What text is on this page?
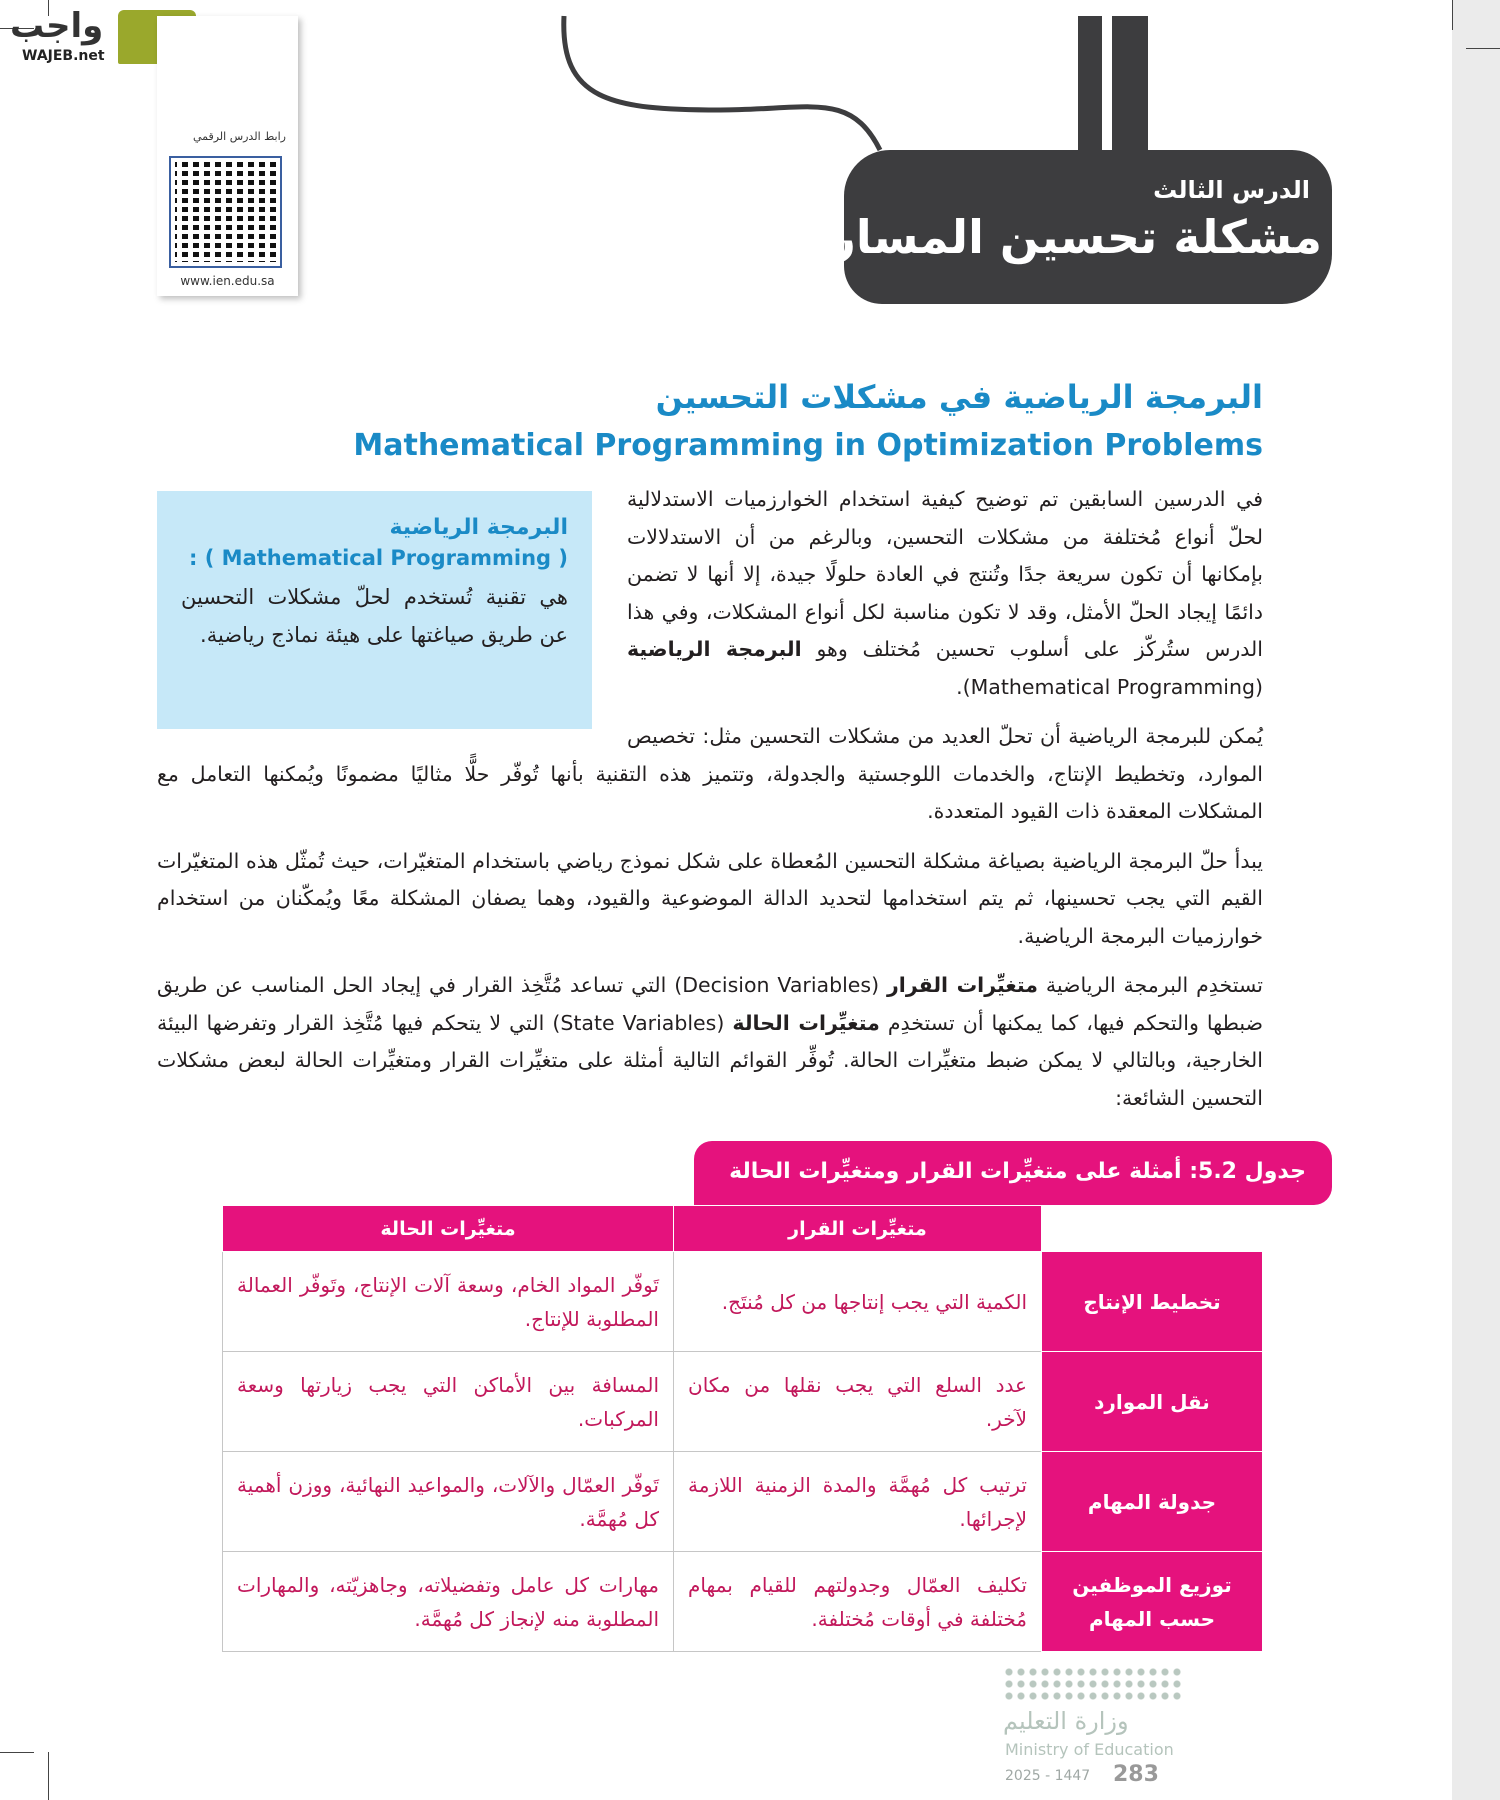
واجب
WAJEB.net
رابط الدرس الرقمي
www.ien.edu.sa
الدرس الثالث
مشكلة تحسين المسار
البرمجة الرياضية في مشكلات التحسين
Mathematical Programming in Optimization Problems
البرمجة الرياضية
( Mathematical Programming ) :
هي تقنية تُستخدم لحلّ مشكلات التحسين عن طريق صياغتها على هيئة نماذج رياضية.
في الدرسين السابقين تم توضيح كيفية استخدام الخوارزميات الاستدلالية لحلّ أنواع مُختلفة من مشكلات التحسين، وبالرغم من أن الاستدلالات بإمكانها أن تكون سريعة جدًا وتُنتج في العادة حلولًا جيدة، إلا أنها لا تضمن دائمًا إيجاد الحلّ الأمثل، وقد لا تكون مناسبة لكل أنواع المشكلات، وفي هذا الدرس ستُركّز على أسلوب تحسين مُختلف وهو البرمجة الرياضية (Mathematical Programming).
يُمكن للبرمجة الرياضية أن تحلّ العديد من مشكلات التحسين مثل: تخصيص الموارد، وتخطيط الإنتاج، والخدمات اللوجستية والجدولة، وتتميز هذه التقنية بأنها تُوفّر حلًّا مثاليًا مضمونًا ويُمكنها التعامل مع المشكلات المعقدة ذات القيود المتعددة.
يبدأ حلّ البرمجة الرياضية بصياغة مشكلة التحسين المُعطاة على شكل نموذج رياضي باستخدام المتغيّرات، حيث تُمثّل هذه المتغيّرات القيم التي يجب تحسينها، ثم يتم استخدامها لتحديد الدالة الموضوعية والقيود، وهما يصفان المشكلة معًا ويُمكّنان من استخدام خوارزميات البرمجة الرياضية.
تستخدِم البرمجة الرياضية متغيِّرات القرار (Decision Variables) التي تساعد مُتَّخِذ القرار في إيجاد الحل المناسب عن طريق ضبطها والتحكم فيها، كما يمكنها أن تستخدِم متغيِّرات الحالة (State Variables) التي لا يتحكم فيها مُتَّخِذ القرار وتفرضها البيئة الخارجية، وبالتالي لا يمكن ضبط متغيِّرات الحالة. تُوفِّر القوائم التالية أمثلة على متغيِّرات القرار ومتغيِّرات الحالة لبعض مشكلات التحسين الشائعة:
جدول 5.2: أمثلة على متغيِّرات القرار ومتغيِّرات الحالة
	متغيِّرات القرار	متغيِّرات الحالة
تخطيط الإنتاج	الكمية التي يجب إنتاجها من كل مُنتَج.	تَوفّر المواد الخام، وسعة آلات الإنتاج، وتَوفّر العمالة المطلوبة للإنتاج.
نقل الموارد	عدد السلع التي يجب نقلها من مكان لآخر.	المسافة بين الأماكن التي يجب زيارتها وسعة المركبات.
جدولة المهام	ترتيب كل مُهمَّة والمدة الزمنية اللازمة لإجرائها.	تَوفّر العمّال والآلات، والمواعيد النهائية، ووزن أهمية كل مُهمَّة.
توزيع الموظفين حسب المهام	تكليف العمّال وجدولتهم للقيام بمهام مُختلفة في أوقات مُختلفة.	مهارات كل عامل وتفضيلاته، وجاهزيّته، والمهارات المطلوبة منه لإنجاز كل مُهمَّة.
وزارة التعليم
Ministry of Education
2025 - 1447 283
